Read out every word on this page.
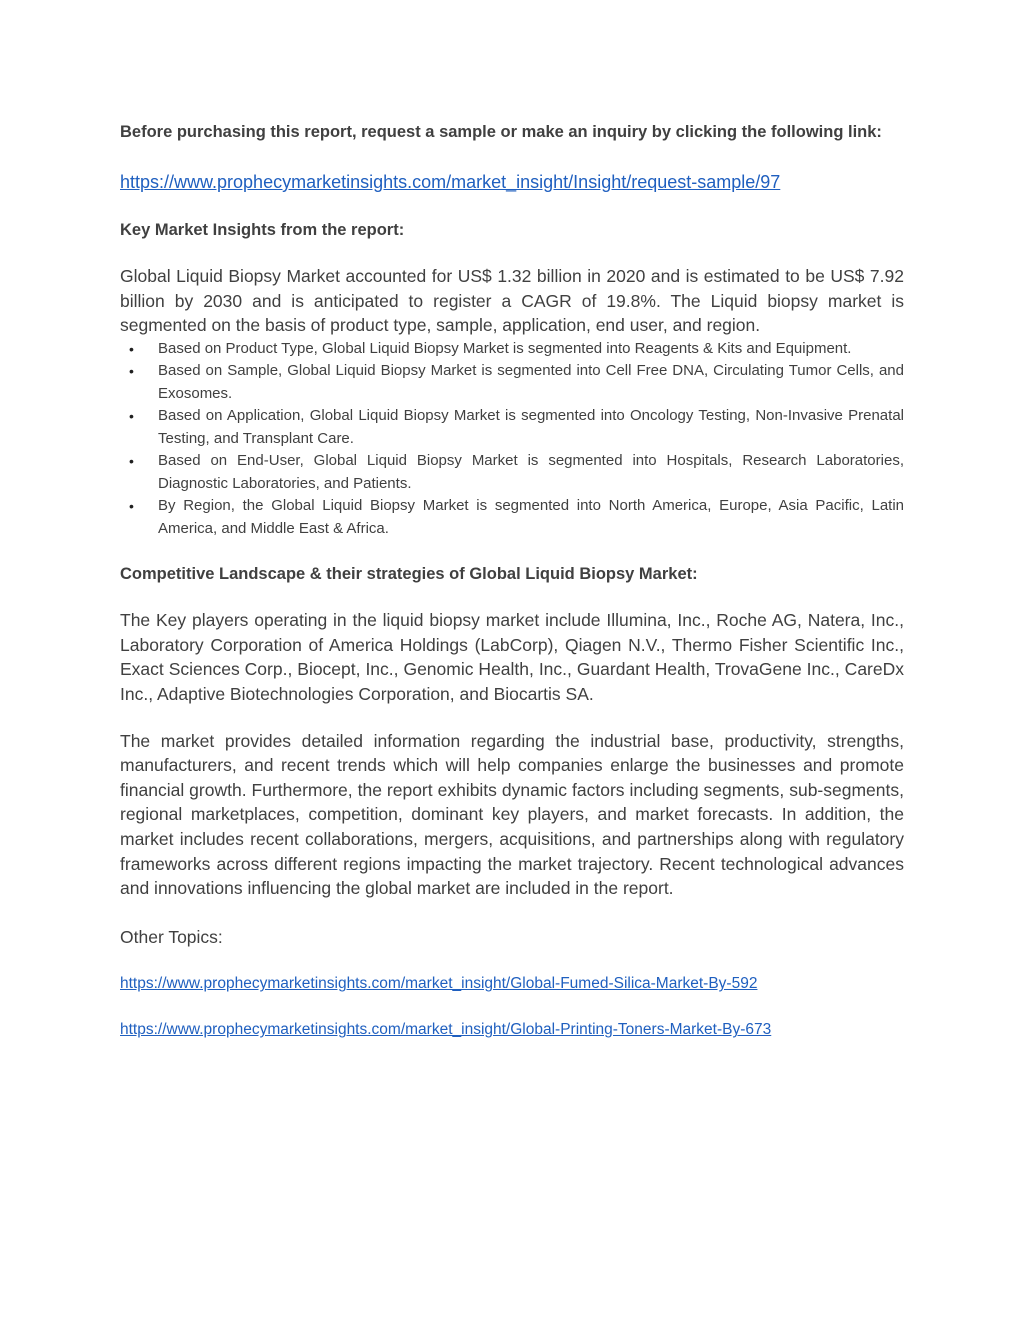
Before purchasing this report, request a sample or make an inquiry by clicking the following link:

https://www.prophecymarketinsights.com/market_insight/Insight/request-sample/97

Key Market Insights from the report:

Global Liquid Biopsy Market accounted for US$ 1.32 billion in 2020 and is estimated to be US$ 7.92 billion by 2030 and is anticipated to register a CAGR of 19.8%. The Liquid biopsy market is segmented on the basis of product type, sample, application, end user, and region.

• Based on Product Type, Global Liquid Biopsy Market is segmented into Reagents & Kits and Equipment.
• Based on Sample, Global Liquid Biopsy Market is segmented into Cell Free DNA, Circulating Tumor Cells, and Exosomes.
• Based on Application, Global Liquid Biopsy Market is segmented into Oncology Testing, Non-Invasive Prenatal Testing, and Transplant Care.
• Based on End-User, Global Liquid Biopsy Market is segmented into Hospitals, Research Laboratories, Diagnostic Laboratories, and Patients.
• By Region, the Global Liquid Biopsy Market is segmented into North America, Europe, Asia Pacific, Latin America, and Middle East & Africa.

Competitive Landscape & their strategies of Global Liquid Biopsy Market:

The Key players operating in the liquid biopsy market include Illumina, Inc., Roche AG, Natera, Inc., Laboratory Corporation of America Holdings (LabCorp), Qiagen N.V., Thermo Fisher Scientific Inc., Exact Sciences Corp., Biocept, Inc., Genomic Health, Inc., Guardant Health, TrovaGene Inc., CareDx Inc., Adaptive Biotechnologies Corporation, and Biocartis SA.

The market provides detailed information regarding the industrial base, productivity, strengths, manufacturers, and recent trends which will help companies enlarge the businesses and promote financial growth. Furthermore, the report exhibits dynamic factors including segments, sub-segments, regional marketplaces, competition, dominant key players, and market forecasts. In addition, the market includes recent collaborations, mergers, acquisitions, and partnerships along with regulatory frameworks across different regions impacting the market trajectory. Recent technological advances and innovations influencing the global market are included in the report.

Other Topics:

https://www.prophecymarketinsights.com/market_insight/Global-Fumed-Silica-Market-By-592
https://www.prophecymarketinsights.com/market_insight/Global-Printing-Toners-Market-By-673
